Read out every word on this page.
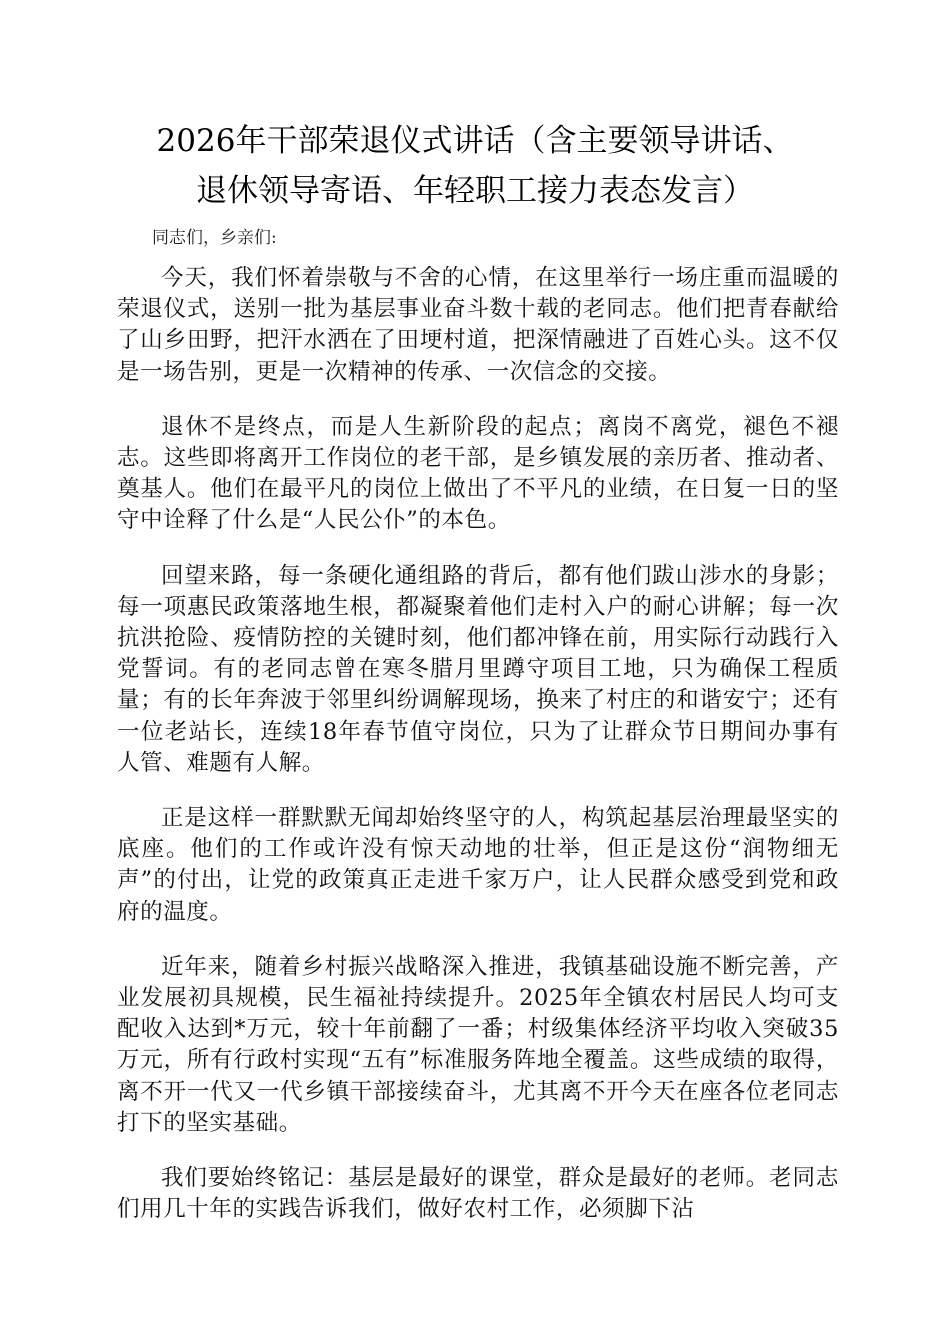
2026年干部荣退仪式讲话（含主要领导讲话、
退休领导寄语、年轻职工接力表态发言）

同志们，乡亲们:

今天，我们怀着崇敬与不舍的心情，在这里举行一场庄重而温暖的荣退仪式，送别一批为基层事业奋斗数十载的老同志。他们把青春献给了山乡田野，把汗水洒在了田埂村道，把深情融进了百姓心头。这不仅是一场告别，更是一次精神的传承、一次信念的交接。

退休不是终点，而是人生新阶段的起点；离岗不离党，褪色不褪志。这些即将离开工作岗位的老干部，是乡镇发展的亲历者、推动者、奠基人。他们在最平凡的岗位上做出了不平凡的业绩，在日复一日的坚守中诠释了什么是“人民公仆”的本色。

回望来路，每一条硬化通组路的背后，都有他们跋山涉水的身影；每一项惠民政策落地生根，都凝聚着他们走村入户的耐心讲解；每一次抗洪抢险、疫情防控的关键时刻，他们都冲锋在前，用实际行动践行入党誓词。有的老同志曾在寒冬腊月里蹲守项目工地，只为确保工程质量；有的长年奔波于邻里纠纷调解现场，换来了村庄的和谐安宁；还有一位老站长，连续18年春节值守岗位，只为了让群众节日期间办事有人管、难题有人解。

正是这样一群默默无闻却始终坚守的人，构筑起基层治理最坚实的底座。他们的工作或许没有惊天动地的壮举，但正是这份“润物细无声”的付出，让党的政策真正走进千家万户，让人民群众感受到党和政府的温度。

近年来，随着乡村振兴战略深入推进，我镇基础设施不断完善，产业发展初具规模，民生福祉持续提升。2025年全镇农村居民人均可支配收入达到*万元，较十年前翻了一番；村级集体经济平均收入突破35万元，所有行政村实现“五有”标准服务阵地全覆盖。这些成绩的取得，离不开一代又一代乡镇干部接续奋斗，尤其离不开今天在座各位老同志打下的坚实基础。

我们要始终铭记：基层是最好的课堂，群众是最好的老师。老同志们用几十年的实践告诉我们，做好农村工作，必须脚下沾
